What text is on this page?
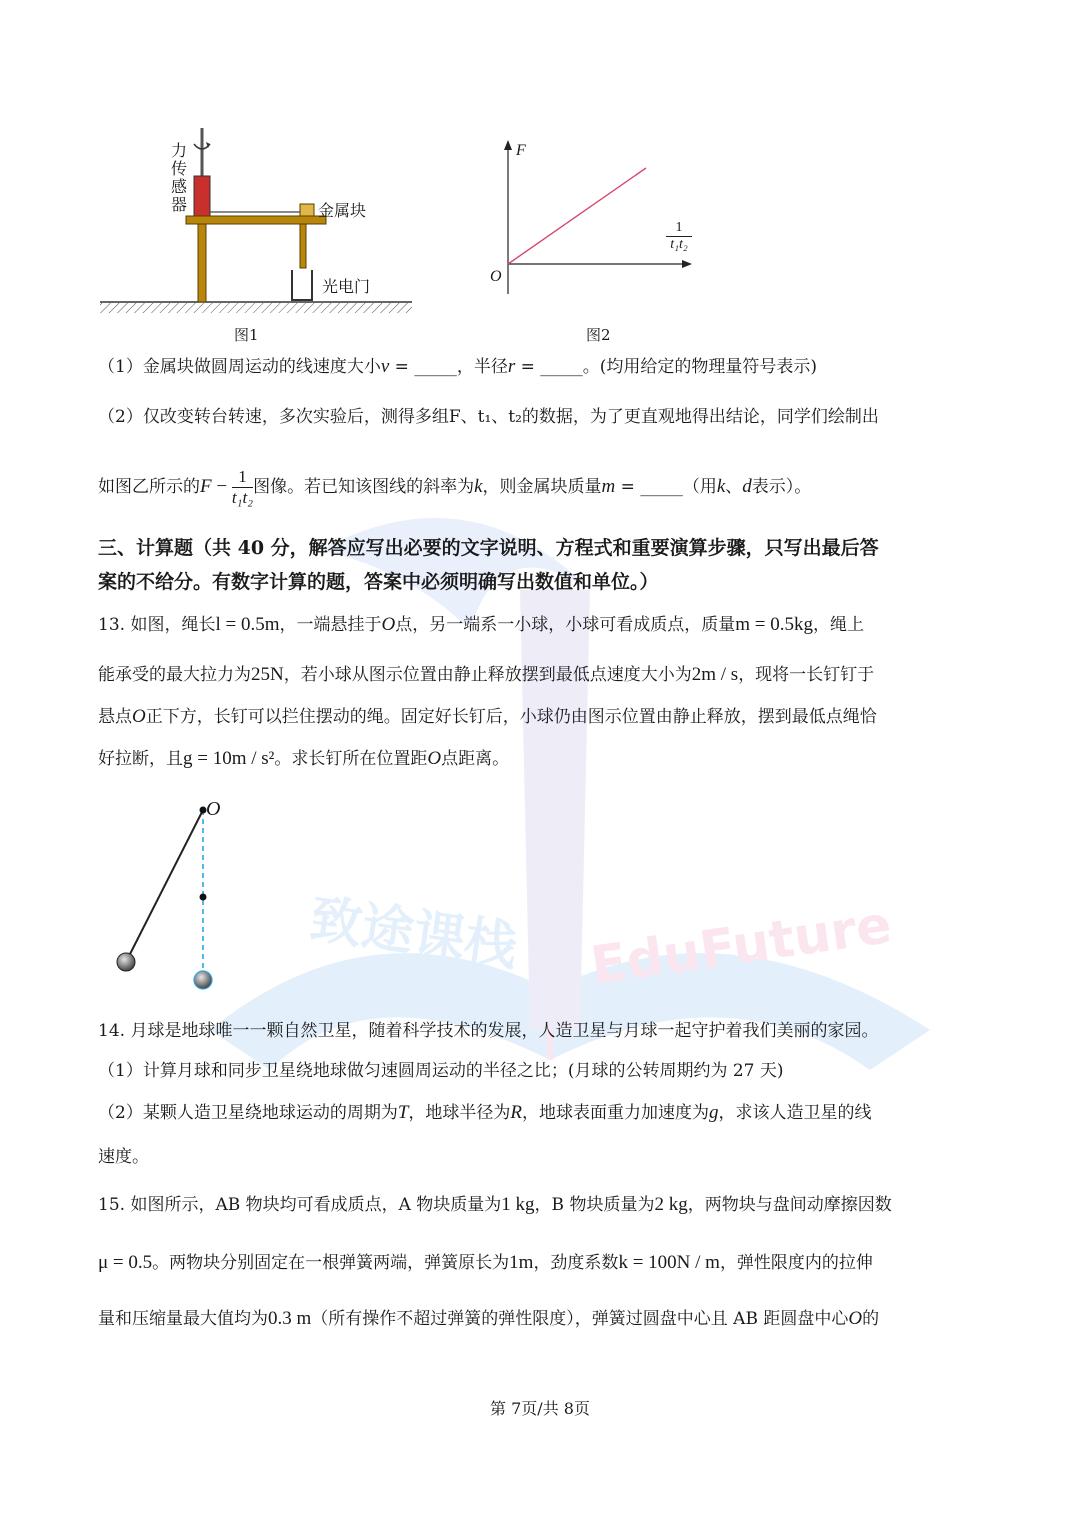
致途课栈 EduFuture
力传感器	金属块
光电门
图1
F
O
$\frac{1}{\text{t₁t₂}}$
图2
（1）金属块做圆周运动的线速度大小v = _____，半径r = _____。(均用给定的物理量符号表示)
（2）仅改变转台转速，多次实验后，测得多组F、t₁、t₂的数据，为了更直观地得出结论，同学们绘制出
如图乙所示的$F - \frac{1}{\text{t₁t₂}}$ 图像。若已知该图线的斜率为k，则金属块质量m = _____（用k、d表示）。
三、计算题（共 40 分，解答应写出必要的文字说明、方程式和重要演算步骤，只写出最后答
案的不给分。有数字计算的题，答案中必须明确写出数值和单位。）
13. 如图，绳长l = 0.5m，一端悬挂于O点，另一端系一小球，小球可看成质点，质量m = 0.5kg，绳上
能承受的最大拉力为25N，若小球从图示位置由静止释放摆到最低点速度大小为2m / s，现将一长钉钉于
悬点O正下方，长钉可以拦住摆动的绳。固定好长钉后，小球仍由图示位置由静止释放，摆到最低点绳恰
好拉断，且g = 10m / s²。求长钉所在位置距O点距离。
O
14. 月球是地球唯一一颗自然卫星，随着科学技术的发展，人造卫星与月球一起守护着我们美丽的家园。
（1）计算月球和同步卫星绕地球做匀速圆周运动的半径之比；(月球的公转周期约为 27 天)
（2）某颗人造卫星绕地球运动的周期为T，地球半径为R，地球表面重力加速度为g，求该人造卫星的线
速度。
15. 如图所示，AB 物块均可看成质点，A 物块质量为1 kg，B 物块质量为2 kg，两物块与盘间动摩擦因数
μ = 0.5。两物块分别固定在一根弹簧两端，弹簧原长为1m，劲度系数k = 100N / m，弹性限度内的拉伸
量和压缩量最大值均为0.3 m（所有操作不超过弹簧的弹性限度），弹簧过圆盘中心且 AB 距圆盘中心O的
第 7页/共 8页
